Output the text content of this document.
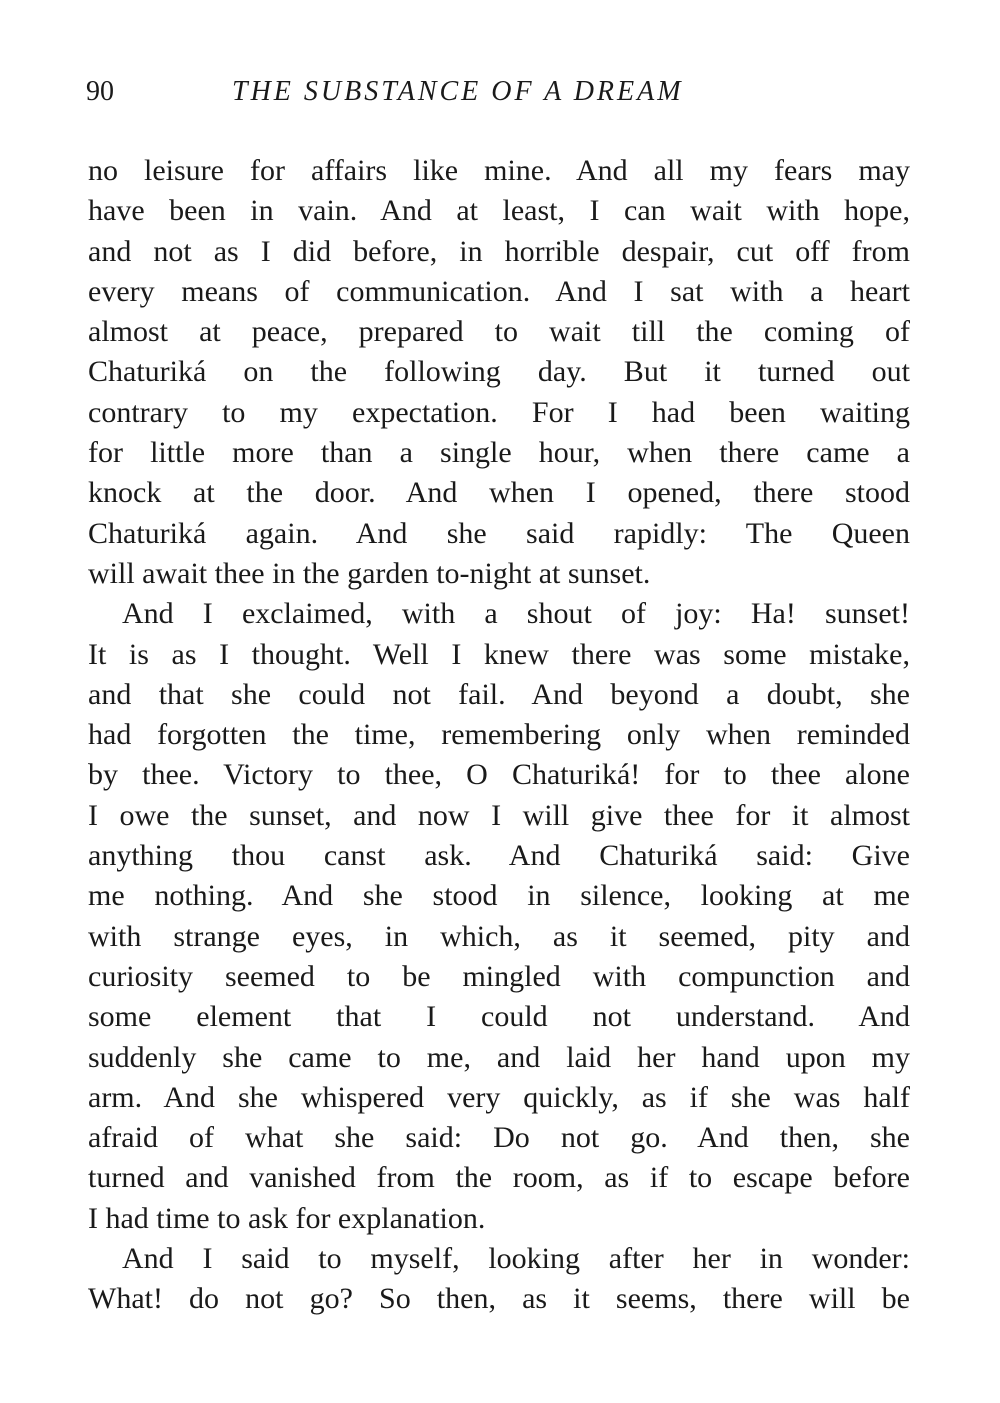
90	THE SUBSTANCE OF A DREAM
no leisure for affairs like mine. And all my fears may
have been in vain. And at least, I can wait with hope,
and not as I did before, in horrible despair, cut off from
every means of communication. And I sat with a heart
almost at peace, prepared to wait till the coming of
Chaturiká on the following day. But it turned out
contrary to my expectation. For I had been waiting
for little more than a single hour, when there came a
knock at the door. And when I opened, there stood
Chaturiká again. And she said rapidly: The Queen
will await thee in the garden to-night at sunset.
And I exclaimed, with a shout of joy: Ha! sunset!
It is as I thought. Well I knew there was some mistake,
and that she could not fail. And beyond a doubt, she
had forgotten the time, remembering only when reminded
by thee. Victory to thee, O Chaturiká! for to thee alone
I owe the sunset, and now I will give thee for it almost
anything thou canst ask. And Chaturiká said: Give
me nothing. And she stood in silence, looking at me
with strange eyes, in which, as it seemed, pity and
curiosity seemed to be mingled with compunction and
some element that I could not understand. And
suddenly she came to me, and laid her hand upon my
arm. And she whispered very quickly, as if she was half
afraid of what she said: Do not go. And then, she
turned and vanished from the room, as if to escape before
I had time to ask for explanation.
And I said to myself, looking after her in wonder:
What! do not go? So then, as it seems, there will be
